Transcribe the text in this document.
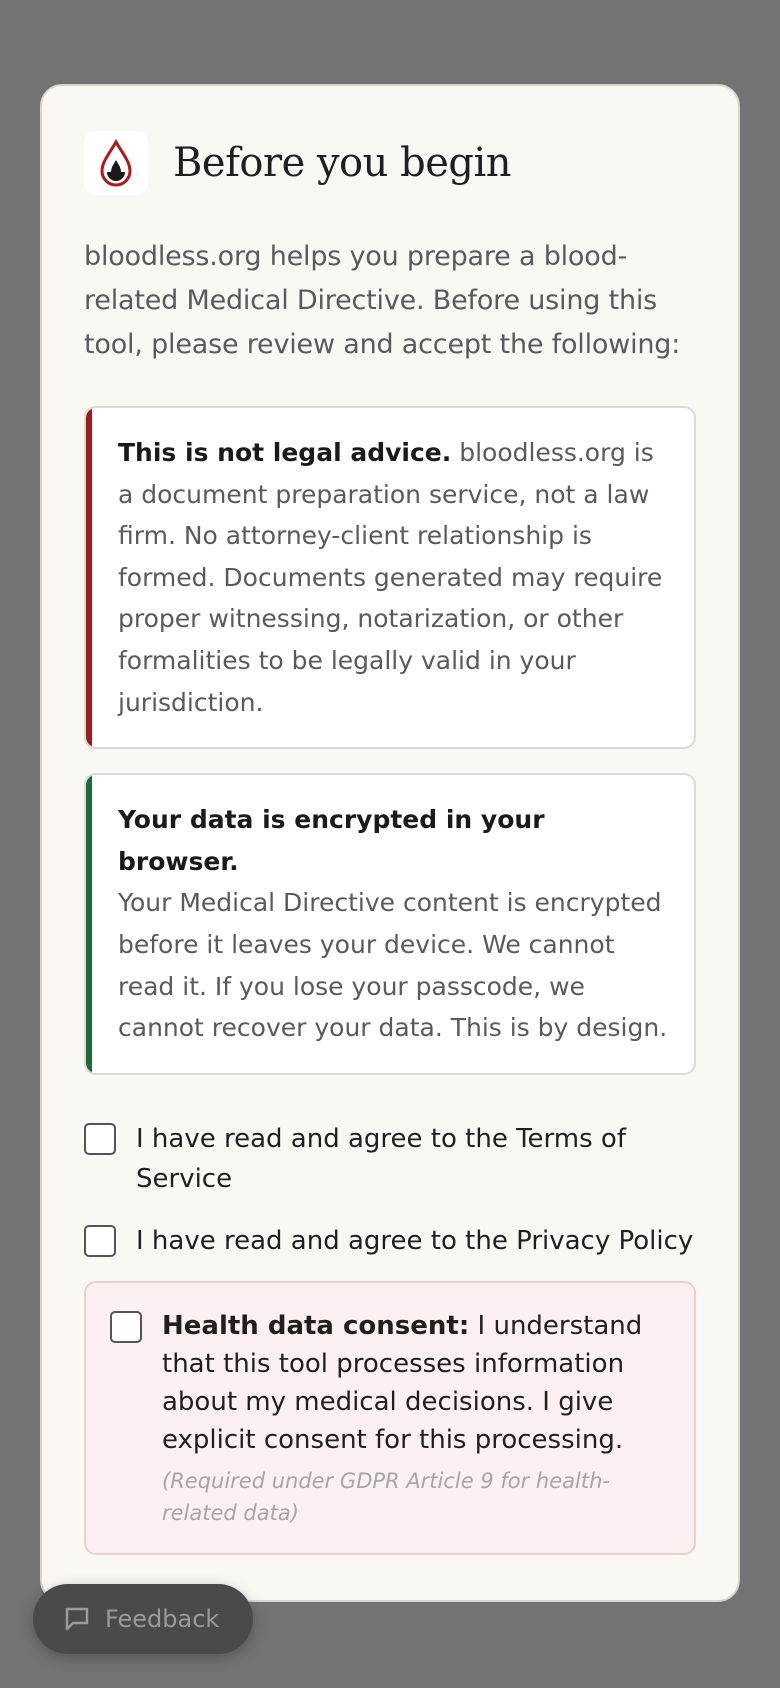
Before you begin

bloodless.org helps you prepare a blood-related Medical Directive. Before using this tool, please review and accept the following:

This is not legal advice. bloodless.org is a document preparation service, not a law firm. No attorney-client relationship is formed. Documents generated may require proper witnessing, notarization, or other formalities to be legally valid in your jurisdiction.
Your data is encrypted in your browser.
Your Medical Directive content is encrypted before it leaves your device. We cannot read it. If you lose your passcode, we cannot recover your data. This is by design.
I have read and agree to the Terms of Service
I have read and agree to the Privacy Policy
Health data consent: I understand that this tool processes information about my medical decisions. I give explicit consent for this processing.
(Required under GDPR Article 9 for health-related data)
Feedback
